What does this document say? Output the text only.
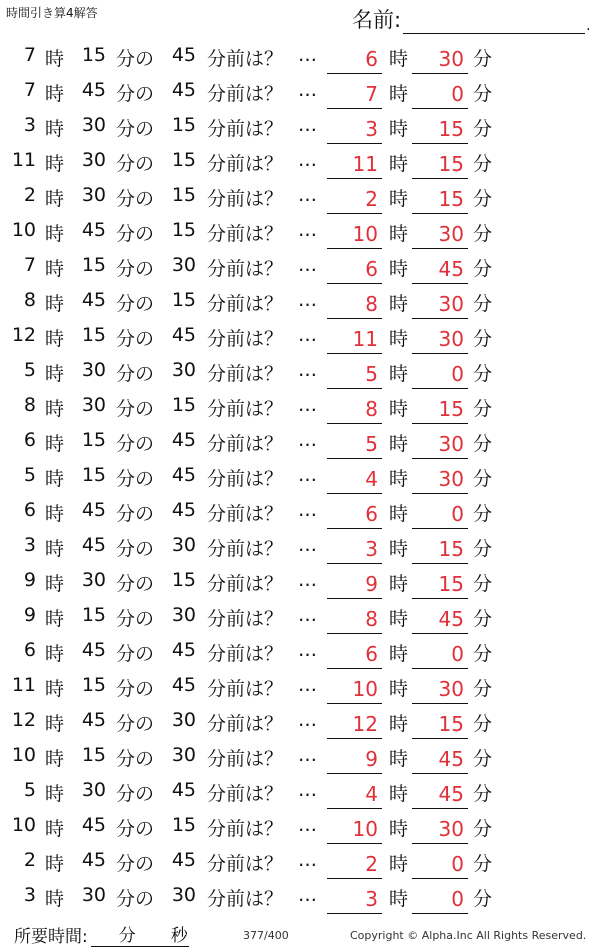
時間引き算4解答	名前:	.
7 時 15 分の 45 分前は？ …	6 時	30 分
7 時 45 分の 45 分前は？ …	7 時	0 分
3 時 30 分の 15 分前は？ …	3 時	15 分
11 時 30 分の 15 分前は？ …	11 時	15 分
2 時 30 分の 15 分前は？ …	2 時	15 分
10 時 45 分の 15 分前は？ …	10 時	30 分
7 時 15 分の 30 分前は？ …	6 時	45 分
8 時 45 分の 15 分前は？ …	8 時	30 分
12 時 15 分の 45 分前は？ …	11 時	30 分
5 時 30 分の 30 分前は？ …	5 時	0 分
8 時 30 分の 15 分前は？ …	8 時	15 分
6 時 15 分の 45 分前は？ …	5 時	30 分
5 時 15 分の 45 分前は？ …	4 時	30 分
6 時 45 分の 45 分前は？ …	6 時	0 分
3 時 45 分の 30 分前は？ …	3 時	15 分
9 時 30 分の 15 分前は？ …	9 時	15 分
9 時 15 分の 30 分前は？ …	8 時	45 分
6 時 45 分の 45 分前は？ …	6 時	0 分
11 時 15 分の 45 分前は？ …	10 時	30 分
12 時 45 分の 30 分前は？ …	12 時	15 分
10 時 15 分の 30 分前は？ …	9 時	45 分
5 時 30 分の 45 分前は？ …	4 時	45 分
10 時 45 分の 15 分前は？ …	10 時	30 分
2 時 45 分の 45 分前は？ …	2 時	0 分
3 時 30 分の 30 分前は？ …	3 時	0 分
所要時間: 分 秒	377/400	Copyright © Alpha.Inc All Rights Reserved.
